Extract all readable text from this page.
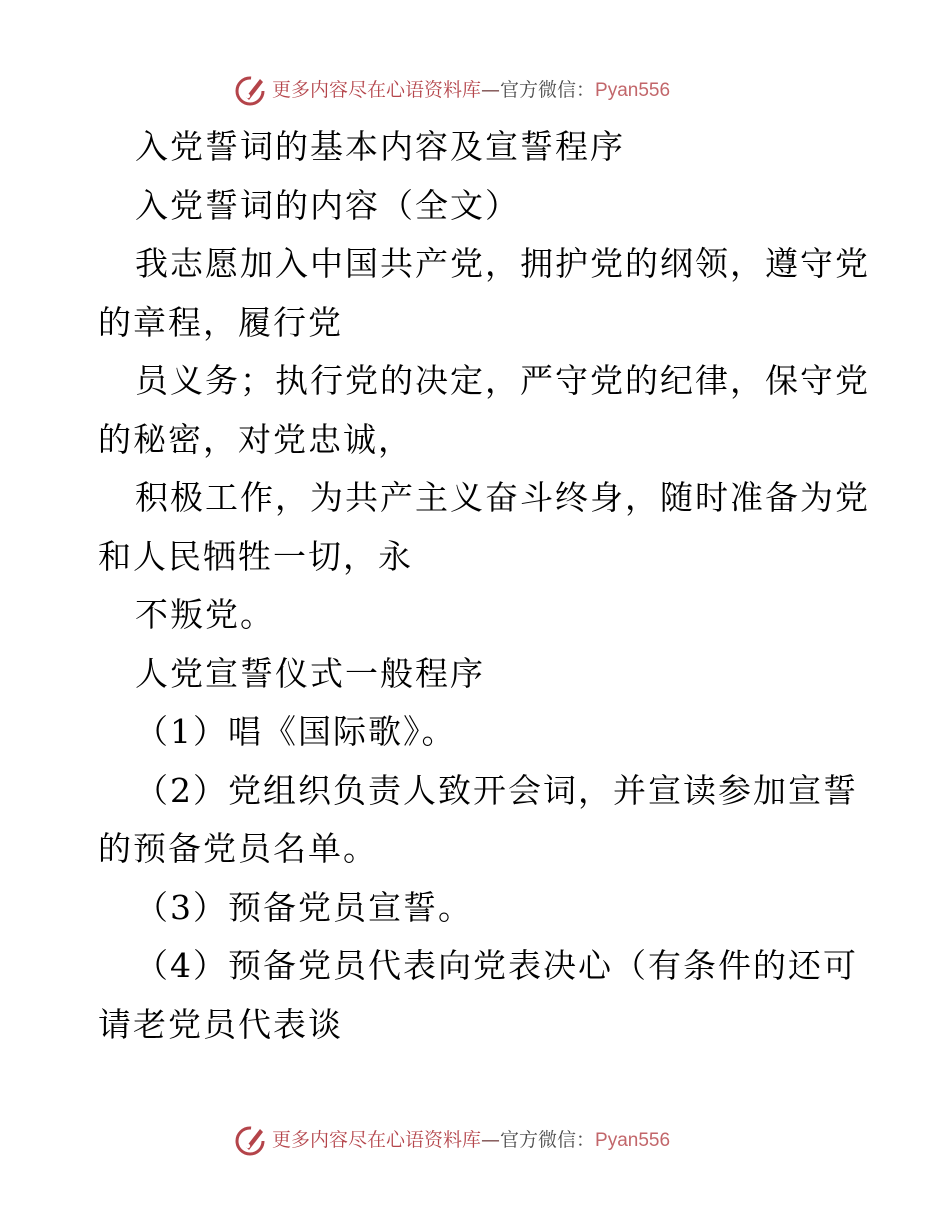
更多内容尽在心语资料库—官方微信：Pyan556
入党誓词的基本内容及宣誓程序
入党誓词的内容（全文）
我志愿加入中国共产党，拥护党的纲领，遵守党
的章程，履行党
员义务；执行党的决定，严守党的纪律，保守党
的秘密，对党忠诚，
积极工作，为共产主义奋斗终身，随时准备为党
和人民牺牲一切，永
不叛党。
人党宣誓仪式一般程序
（1）唱《国际歌》。
（2）党组织负责人致开会词，并宣读参加宣誓
的预备党员名单。
（3）预备党员宣誓。
（4）预备党员代表向党表决心（有条件的还可
请老党员代表谈
更多内容尽在心语资料库—官方微信：Pyan556
